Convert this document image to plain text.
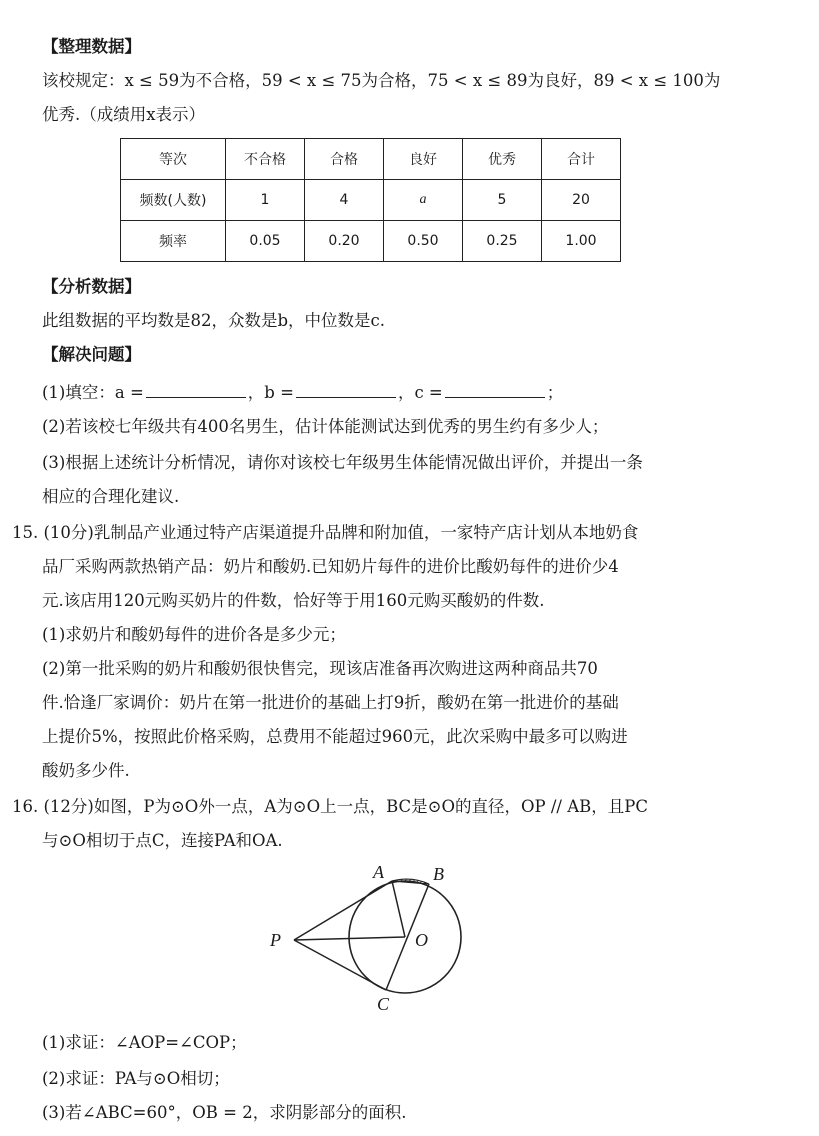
【整理数据】
该校规定：x ≤ 59为不合格，59 < x ≤ 75为合格，75 < x ≤ 89为良好，89 < x ≤ 100为
优秀.（成绩用x表示）
等次	不合格	合格	良好	优秀	合计
频数(人数)	1	4	a	5	20
频率	0.05	0.20	0.50	0.25	1.00
【分析数据】
此组数据的平均数是82，众数是b，中位数是c.
【解决问题】
(1)填空：a =	，b =	，c =	；
(2)若该校七年级共有400名男生，估计体能测试达到优秀的男生约有多少人；
(3)根据上述统计分析情况，请你对该校七年级男生体能情况做出评价，并提出一条
相应的合理化建议.
15. (10分)乳制品产业通过特产店渠道提升品牌和附加值，一家特产店计划从本地奶食
品厂采购两款热销产品：奶片和酸奶.已知奶片每件的进价比酸奶每件的进价少4
元.该店用120元购买奶片的件数，恰好等于用160元购买酸奶的件数.
(1)求奶片和酸奶每件的进价各是多少元；
(2)第一批采购的奶片和酸奶很快售完，现该店准备再次购进这两种商品共70
件.恰逢厂家调价：奶片在第一批进价的基础上打9折，酸奶在第一批进价的基础
上提价5%，按照此价格采购，总费用不能超过960元，此次采购中最多可以购进
酸奶多少件.
16. (12分)如图，P为⊙O外一点，A为⊙O上一点，BC是⊙O的直径，OP // AB，且PC
与⊙O相切于点C，连接PA和OA.
A	B
C
O
P
(1)求证：∠AOP=∠COP；
(2)求证：PA与⊙O相切；
(3)若∠ABC=60°，OB = 2，求阴影部分的面积.
